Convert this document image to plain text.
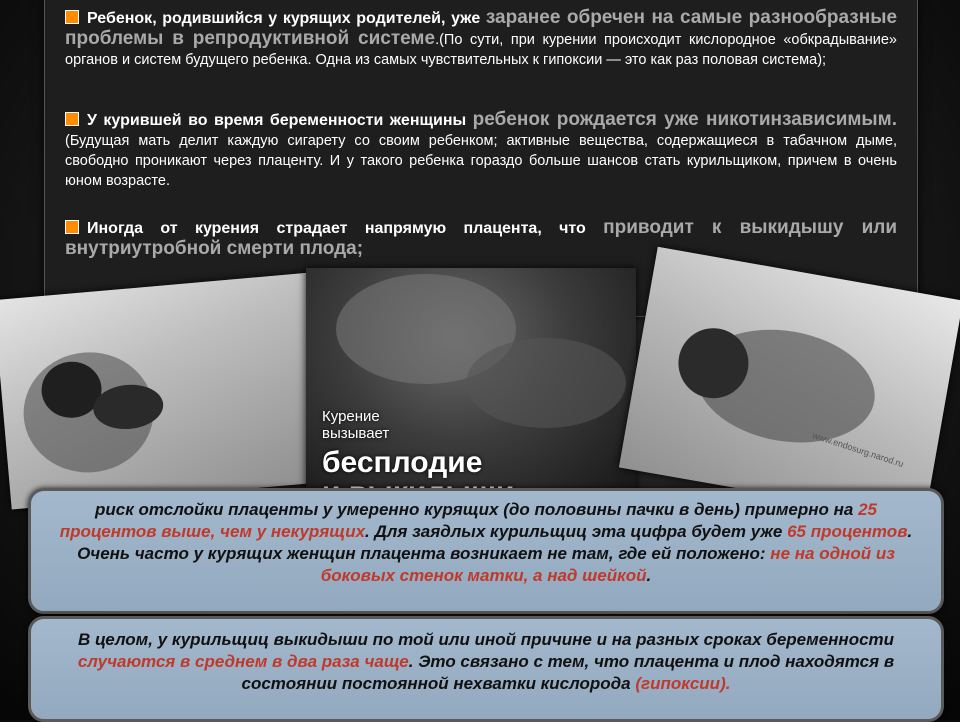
Ребенок, родившийся у курящих родителей, уже заранее обречен на самые разнообразные проблемы в репродуктивной системе.(По сути, при курении происходит кислородное «обкрадывание» органов и систем будущего ребенка. Одна из самых чувствительных к гипоксии — это как раз половая система);
У курившей во время беременности женщины ребенок рождается уже никотинзависимым. (Будущая мать делит каждую сигарету со своим ребенком; активные вещества, содержащиеся в табачном дыме, свободно проникают через плаценту. И у такого ребенка гораздо больше шансов стать курильщиком, причем в очень юном возрасте.
Иногда от курения страдает напрямую плацента, что приводит к выкидышу или внутриутробной смерти плода;
Курение
вызывает
бесплодие	www.endosurg.narod.ru
риск отслойки плаценты у умеренно курящих (до половины пачки в день) примерно на 25 процентов выше, чем у некурящих. Для заядлых курильщиц эта цифра будет уже 65 процентов. Очень часто у курящих женщин плацента возникает не там, где ей положено: не на одной из боковых стенок матки, а над шейкой.
В целом, у курильщиц выкидыши по той или иной причине и на разных сроках беременности случаются в среднем в два раза чаще. Это связано с тем, что плацента и плод находятся в состоянии постоянной нехватки кислорода (гипоксии).
